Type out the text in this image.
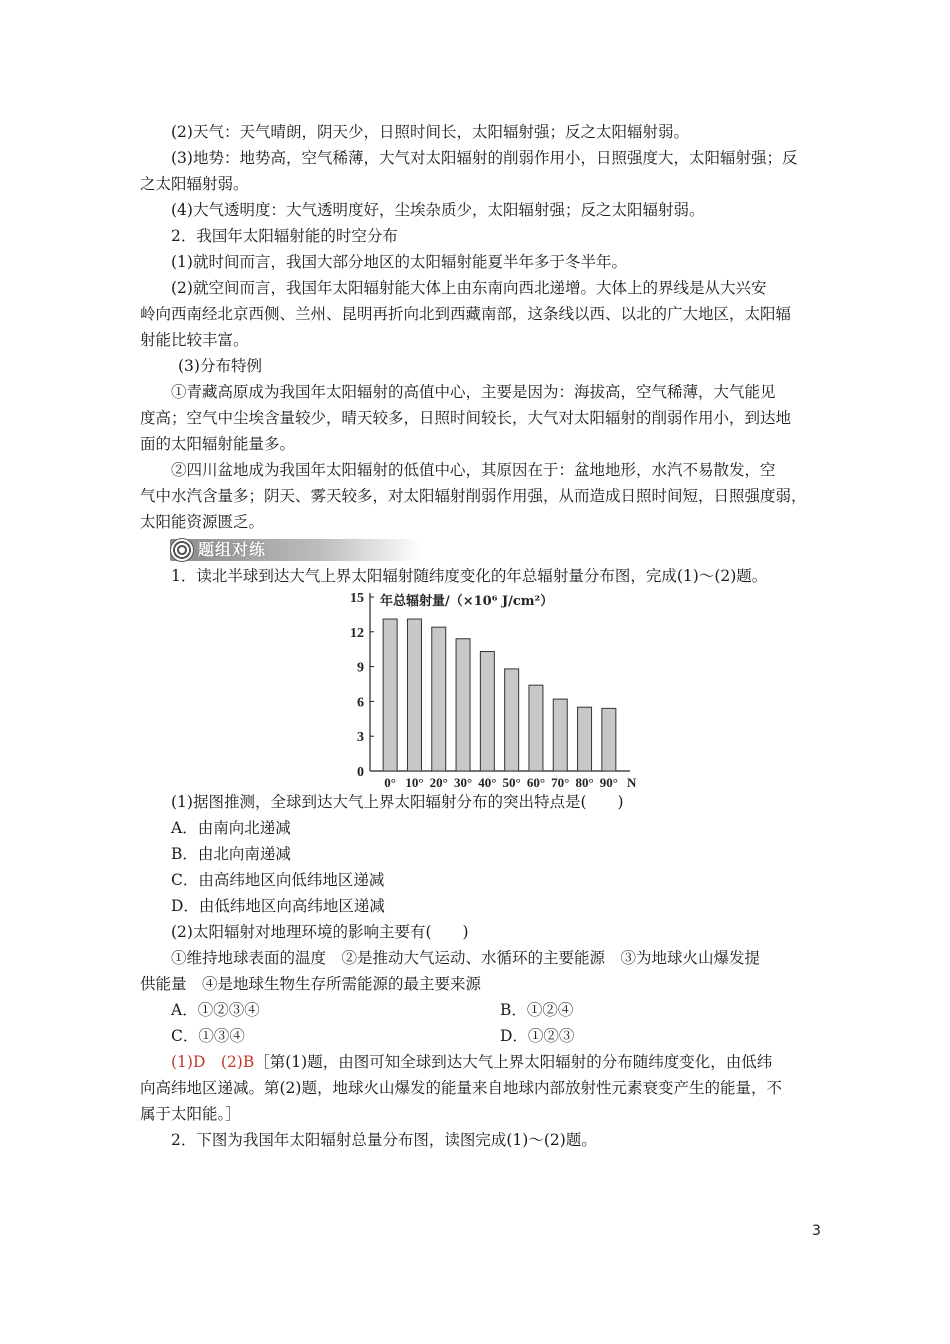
(2)天气：天气晴朗，阴天少，日照时间长，太阳辐射强；反之太阳辐射弱。
(3)地势：地势高，空气稀薄，大气对太阳辐射的削弱作用小，日照强度大，太阳辐射强；反
之太阳辐射弱。
(4)大气透明度：大气透明度好，尘埃杂质少，太阳辐射强；反之太阳辐射弱。
2．我国年太阳辐射能的时空分布
(1)就时间而言，我国大部分地区的太阳辐射能夏半年多于冬半年。
(2)就空间而言，我国年太阳辐射能大体上由东南向西北递增。大体上的界线是从大兴安
岭向西南经北京西侧、兰州、昆明再折向北到西藏南部，这条线以西、以北的广大地区，太阳辐
射能比较丰富。
(3)分布特例
①青藏高原成为我国年太阳辐射的高值中心，主要是因为：海拔高，空气稀薄，大气能见
度高；空气中尘埃含量较少，晴天较多，日照时间较长，大气对太阳辐射的削弱作用小，到达地
面的太阳辐射能量多。
②四川盆地成为我国年太阳辐射的低值中心，其原因在于：盆地地形，水汽不易散发，空
气中水汽含量多；阴天、雾天较多，对太阳辐射削弱作用强，从而造成日照时间短，日照强度弱，
太阳能资源匮乏。
题组对练
1．读北半球到达大气上界太阳辐射随纬度变化的年总辐射量分布图，完成(1)～(2)题。
0
3
6
9
12
15 年总辐射量/（×10⁶ J/cm²）
0° 10° 20° 30° 40° 50° 60° 70° 80° 90° N
(1)据图推测，全球到达大气上界太阳辐射分布的突出特点是(　　)
A．由南向北递减
B．由北向南递减
C．由高纬地区向低纬地区递减
D．由低纬地区向高纬地区递减
(2)太阳辐射对地理环境的影响主要有(　　)
①维持地球表面的温度　②是推动大气运动、水循环的主要能源　③为地球火山爆发提
供能量　④是地球生物生存所需能源的最主要来源
A．①②③④	B．①②④
C．①③④	D．①②③
(1)D　(2)B［第(1)题，由图可知全球到达大气上界太阳辐射的分布随纬度变化，由低纬
向高纬地区递减。第(2)题，地球火山爆发的能量来自地球内部放射性元素衰变产生的能量，不
属于太阳能。］
2．下图为我国年太阳辐射总量分布图，读图完成(1)～(2)题。
3
